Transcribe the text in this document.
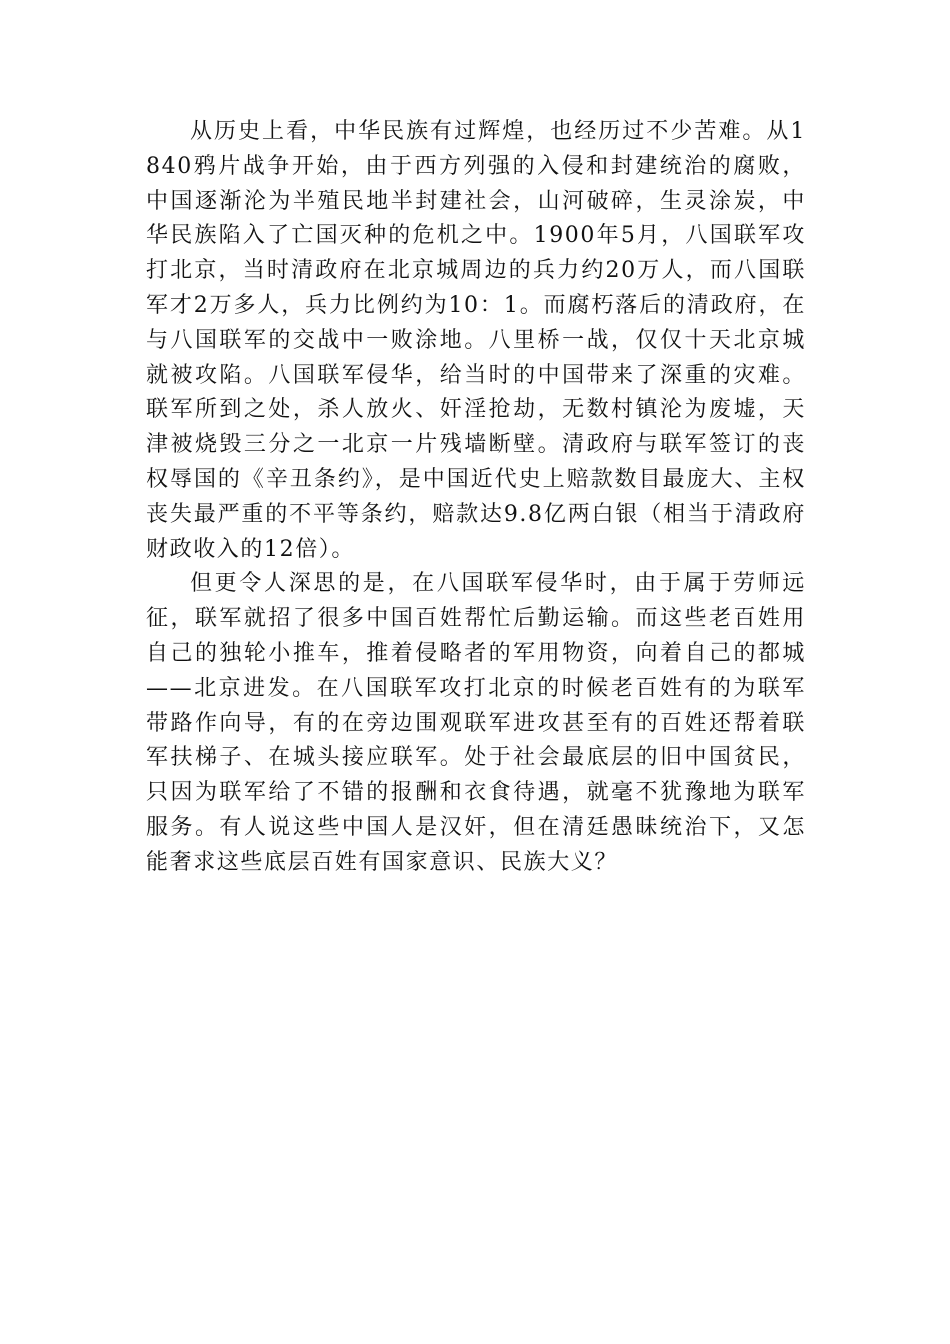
从历史上看，中华民族有过辉煌，也经历过不少苦难。从1840鸦片战争开始，由于西方列强的入侵和封建统治的腐败，中国逐渐沦为半殖民地半封建社会，山河破碎，生灵涂炭，中华民族陷入了亡国灭种的危机之中。1900年5月，八国联军攻打北京，当时清政府在北京城周边的兵力约20万人，而八国联军才2万多人，兵力比例约为10：1。而腐朽落后的清政府，在与八国联军的交战中一败涂地。八里桥一战，仅仅十天北京城就被攻陷。八国联军侵华，给当时的中国带来了深重的灾难。联军所到之处，杀人放火、奸淫抢劫，无数村镇沦为废墟，天津被烧毁三分之一北京一片残墙断壁。清政府与联军签订的丧权辱国的《辛丑条约》，是中国近代史上赔款数目最庞大、主权丧失最严重的不平等条约，赔款达9.8亿两白银（相当于清政府财政收入的12倍）。

但更令人深思的是，在八国联军侵华时，由于属于劳师远征，联军就招了很多中国百姓帮忙后勤运输。而这些老百姓用自己的独轮小推车，推着侵略者的军用物资，向着自己的都城——北京进发。在八国联军攻打北京的时候老百姓有的为联军带路作向导，有的在旁边围观联军进攻甚至有的百姓还帮着联军扶梯子、在城头接应联军。处于社会最底层的旧中国贫民，只因为联军给了不错的报酬和衣食待遇，就毫不犹豫地为联军服务。有人说这些中国人是汉奸，但在清廷愚昧统治下，又怎能奢求这些底层百姓有国家意识、民族大义？
